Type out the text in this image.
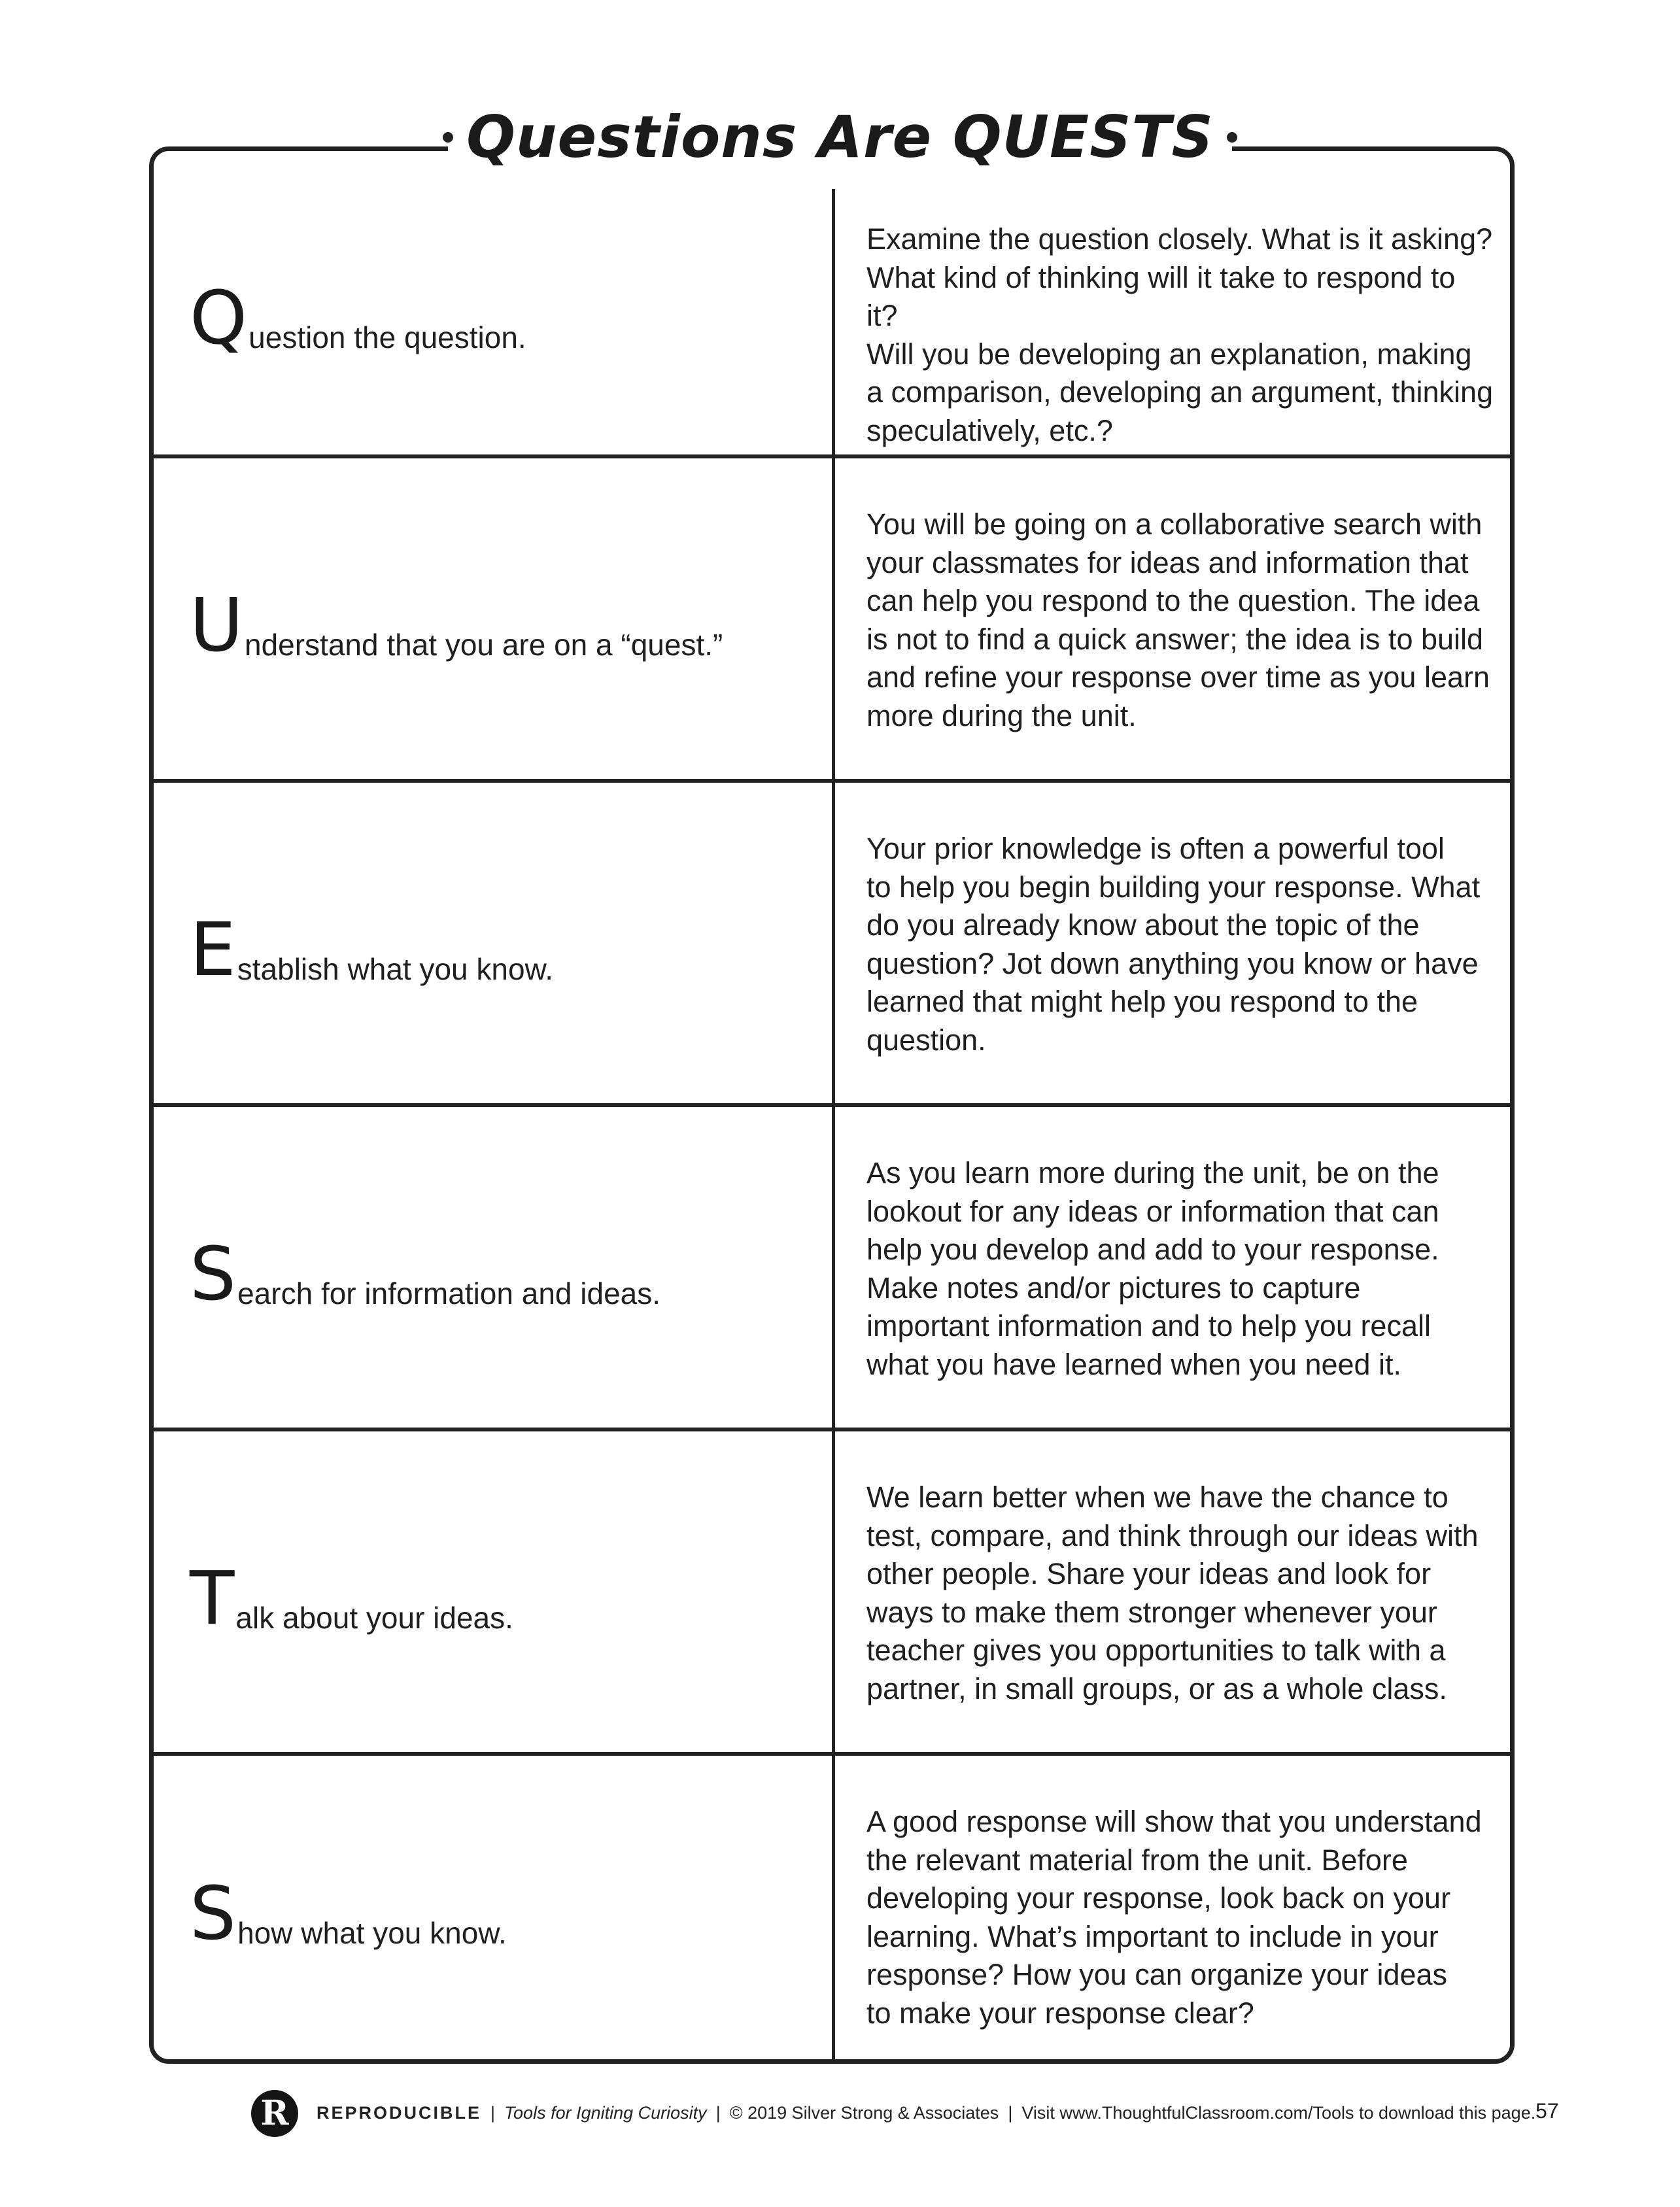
Questions Are QUESTS
Q uestion the question.
Examine the question closely. What is it asking?
What kind of thinking will it take to respond to it?
Will you be developing an explanation, making
a comparison, developing an argument, thinking
speculatively, etc.?
U nderstand that you are on a “quest.”
You will be going on a collaborative search with
your classmates for ideas and information that
can help you respond to the question. The idea
is not to find a quick answer; the idea is to build
and refine your response over time as you learn
more during the unit.
E stablish what you know.
Your prior knowledge is often a powerful tool
to help you begin building your response. What
do you already know about the topic of the
question? Jot down anything you know or have
learned that might help you respond to the
question.
S earch for information and ideas.
As you learn more during the unit, be on the
lookout for any ideas or information that can
help you develop and add to your response.
Make notes and/or pictures to capture
important information and to help you recall
what you have learned when you need it.
T alk about your ideas.
We learn better when we have the chance to
test, compare, and think through our ideas with
other people. Share your ideas and look for
ways to make them stronger whenever your
teacher gives you opportunities to talk with a
partner, in small groups, or as a whole class.
S how what you know.
A good response will show that you understand
the relevant material from the unit. Before
developing your response, look back on your
learning. What’s important to include in your
response? How you can organize your ideas
to make your response clear?
R	REPRODUCIBLE | Tools for Igniting Curiosity | © 2019 Silver Strong & Associates | Visit www.ThoughtfulClassroom.com/Tools to download this page. 57
